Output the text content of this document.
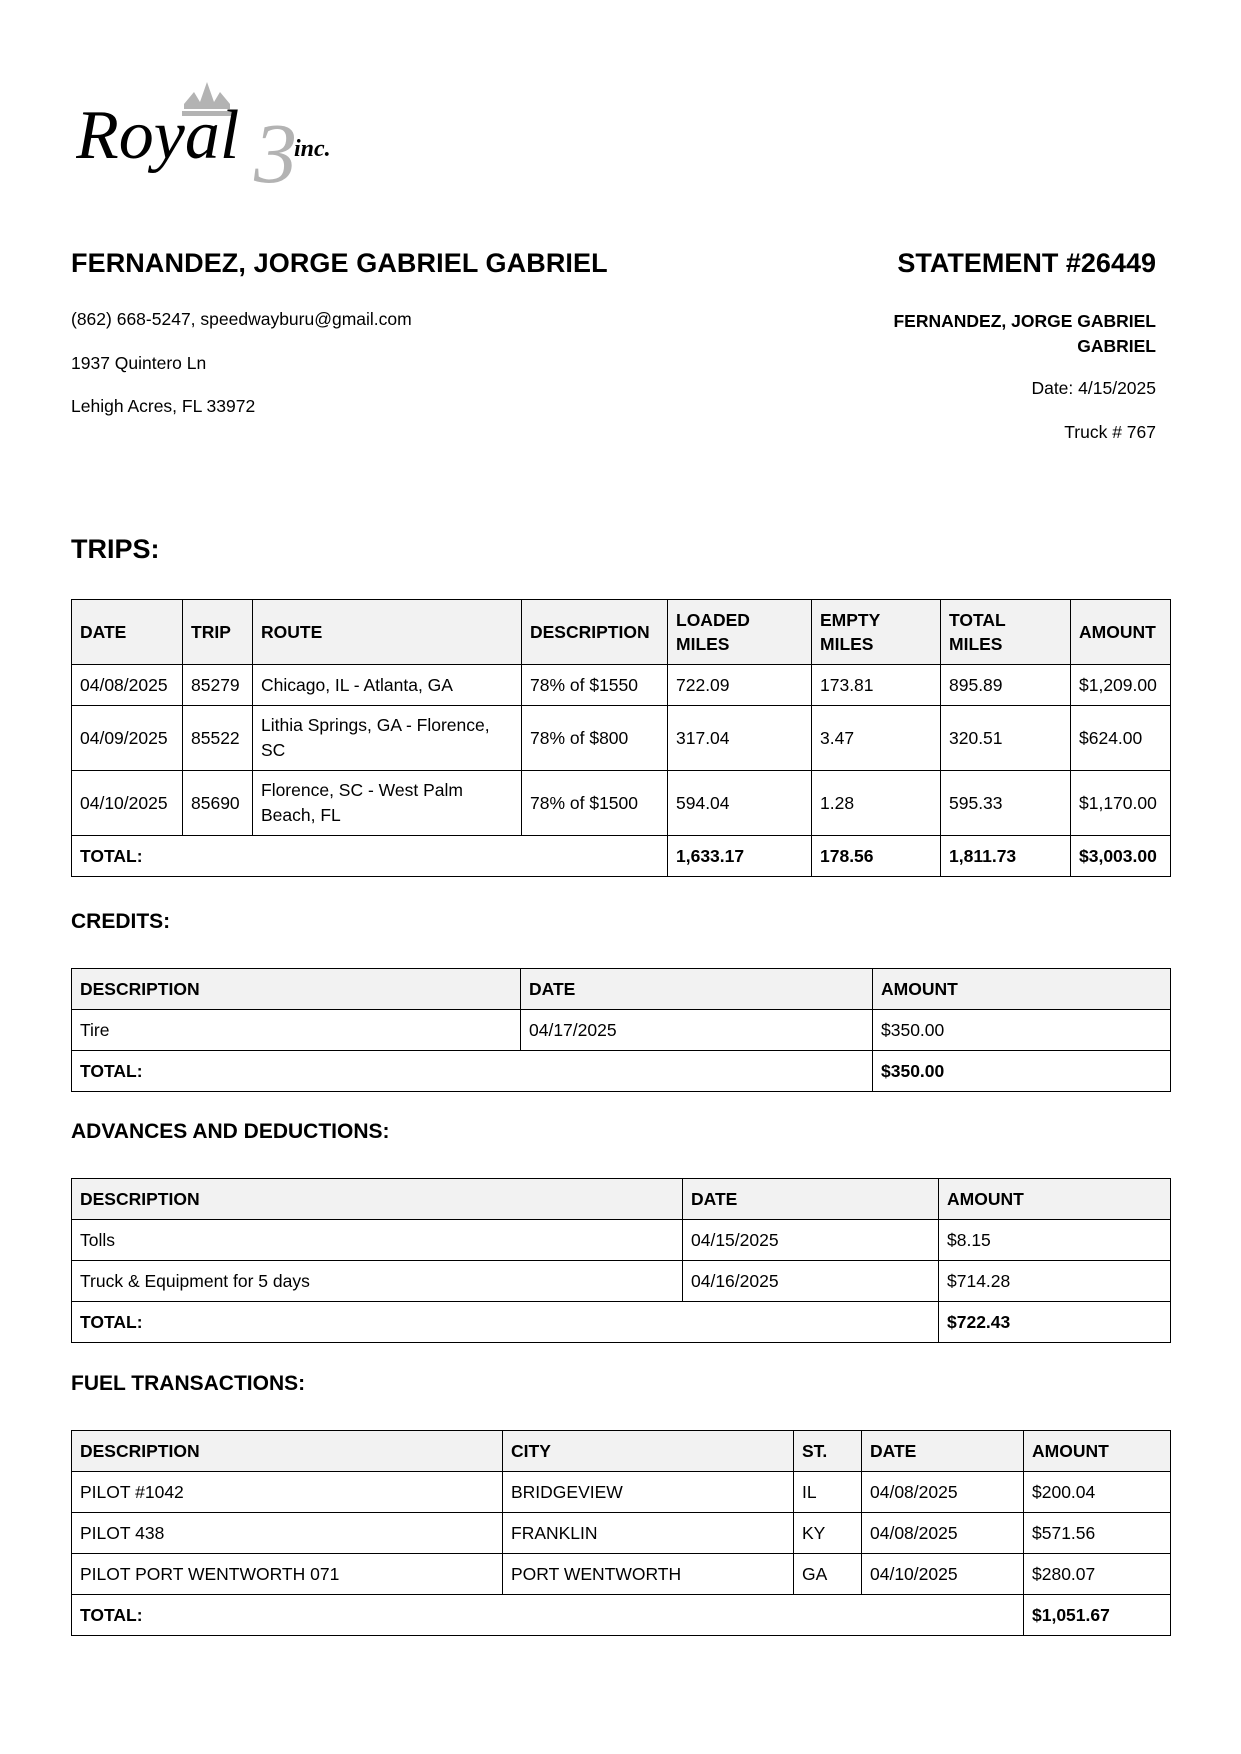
Royal 3
inc.
FERNANDEZ, JORGE GABRIEL GABRIEL	STATEMENT #26449
(862) 668-5247, speedwayburu@gmail.com
1937 Quintero Ln
Lehigh Acres, FL 33972
FERNANDEZ, JORGE GABRIEL
GABRIEL
Date: 4/15/2025
Truck # 767
TRIPS:
DATE	TRIP	ROUTE	DESCRIPTION	LOADED MILES	EMPTY MILES	TOTAL MILES	AMOUNT
04/08/2025	85279	Chicago, IL - Atlanta, GA	78% of $1550	722.09	173.81	895.89	$1,209.00
04/09/2025	85522	Lithia Springs, GA - Florence, SC	78% of $800	317.04	3.47	320.51	$624.00
04/10/2025	85690	Florence, SC - West Palm Beach, FL	78% of $1500	594.04	1.28	595.33	$1,170.00
TOTAL:				1,633.17	178.56	1,811.73	$3,003.00
CREDITS:
DESCRIPTION	DATE	AMOUNT
Tire	04/17/2025	$350.00
TOTAL:		$350.00
ADVANCES AND DEDUCTIONS:
DESCRIPTION	DATE	AMOUNT
Tolls	04/15/2025	$8.15
Truck & Equipment for 5 days	04/16/2025	$714.28
TOTAL:		$722.43
FUEL TRANSACTIONS:
DESCRIPTION	CITY	ST.	DATE	AMOUNT
PILOT #1042	BRIDGEVIEW	IL	04/08/2025	$200.04
PILOT 438	FRANKLIN	KY	04/08/2025	$571.56
PILOT PORT WENTWORTH 071	PORT WENTWORTH	GA	04/10/2025	$280.07
TOTAL:				$1,051.67
